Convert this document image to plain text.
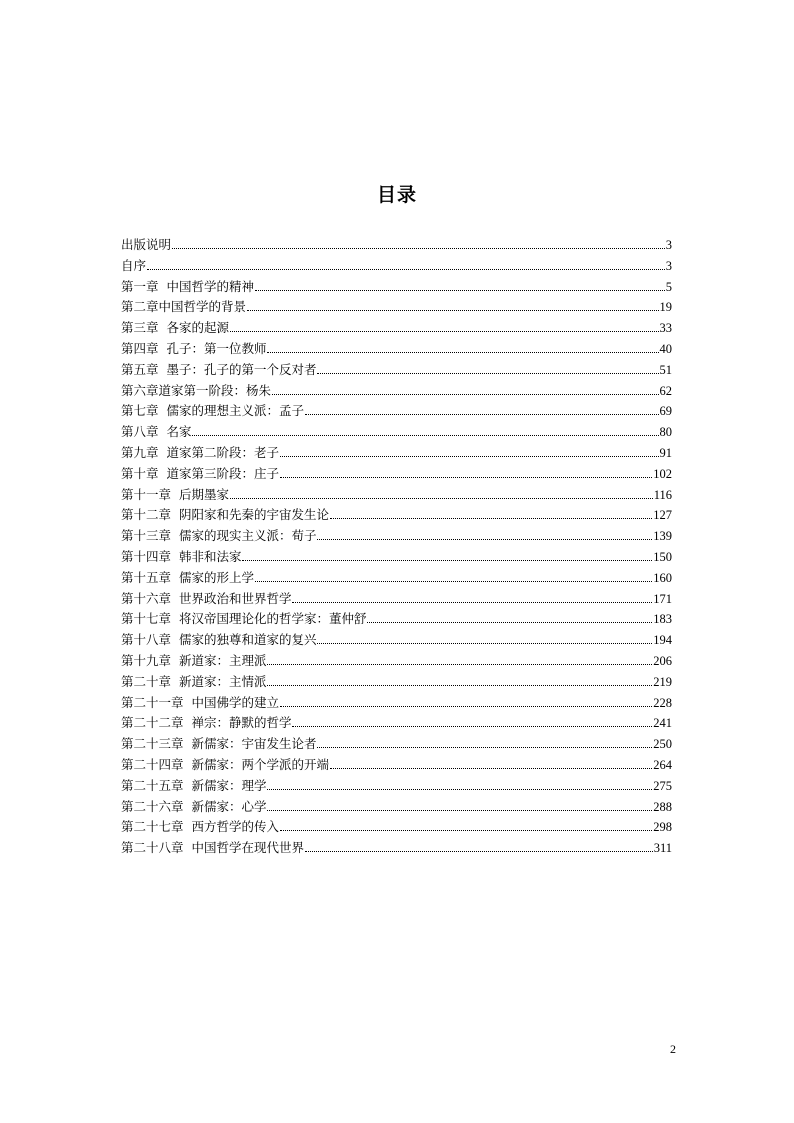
目录
出版说明	3
自序	3
第一章  中国哲学的精神	5
第二章中国哲学的背景	19
第三章  各家的起源	33
第四章  孔子：第一位教师	40
第五章  墨子：孔子的第一个反对者	51
第六章道家第一阶段：杨朱	62
第七章  儒家的理想主义派：孟子	69
第八章  名家	80
第九章  道家第二阶段：老子	91
第十章  道家第三阶段：庄子	102
第十一章  后期墨家	116
第十二章  阴阳家和先秦的宇宙发生论	127
第十三章  儒家的现实主义派：荀子	139
第十四章  韩非和法家	150
第十五章  儒家的形上学	160
第十六章  世界政治和世界哲学	171
第十七章  将汉帝国理论化的哲学家：董仲舒	183
第十八章  儒家的独尊和道家的复兴	194
第十九章  新道家：主理派	206
第二十章  新道家：主情派	219
第二十一章  中国佛学的建立	228
第二十二章  禅宗：静默的哲学	241
第二十三章  新儒家：宇宙发生论者	250
第二十四章  新儒家：两个学派的开端	264
第二十五章  新儒家：理学	275
第二十六章  新儒家：心学	288
第二十七章  西方哲学的传入	298
第二十八章  中国哲学在现代世界	311
2
